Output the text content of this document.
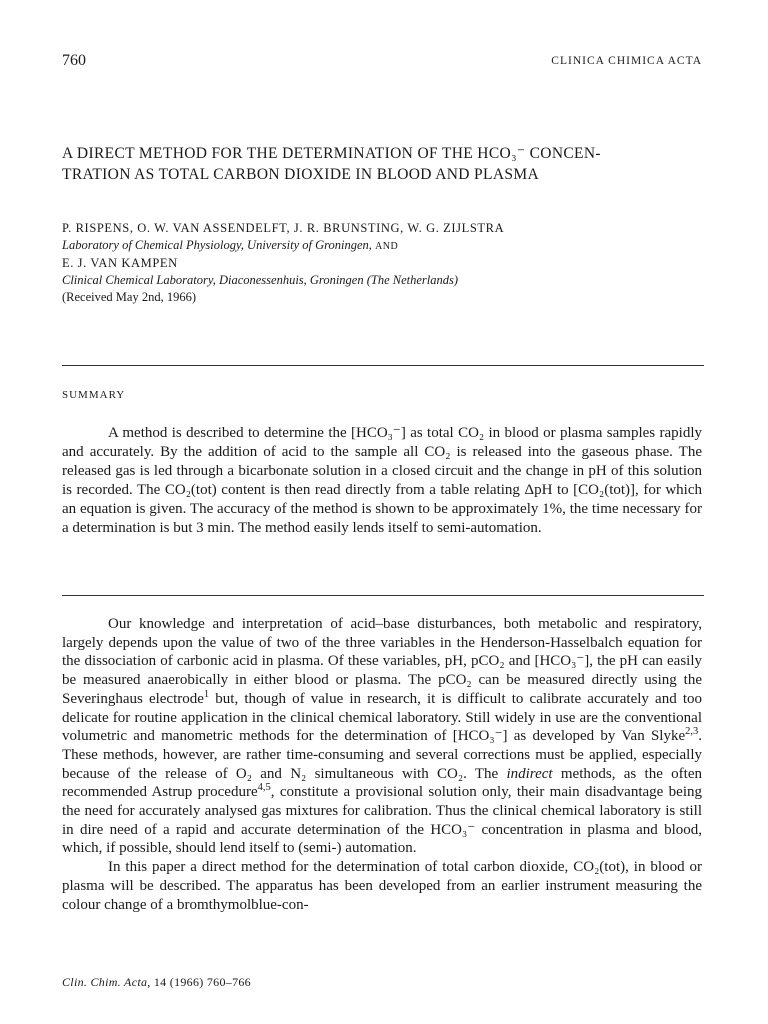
760	CLINICA CHIMICA ACTA
A DIRECT METHOD FOR THE DETERMINATION OF THE HCO₃⁻ CONCEN-
TRATION AS TOTAL CARBON DIOXIDE IN BLOOD AND PLASMA
P. RISPENS, O. W. VAN ASSENDELFT, J. R. BRUNSTING, W. G. ZIJLSTRA
Laboratory of Chemical Physiology, University of Groningen, AND
E. J. VAN KAMPEN
Clinical Chemical Laboratory, Diaconessenhuis, Groningen (The Netherlands)
(Received May 2nd, 1966)
SUMMARY

A method is described to determine the [HCO₃⁻] as total CO₂ in blood or plasma samples rapidly and accurately. By the addition of acid to the sample all CO₂ is released into the gaseous phase. The released gas is led through a bicarbonate solution in a closed circuit and the change in pH of this solution is recorded. The CO₂(tot) content is then read directly from a table relating ΔpH to [CO₂(tot)], for which an equation is given. The accuracy of the method is shown to be approximately 1%, the time necessary for a determination is but 3 min. The method easily lends itself to semi-automation.

Our knowledge and interpretation of acid–base disturbances, both metabolic and respiratory, largely depends upon the value of two of the three variables in the Henderson-Hasselbalch equation for the dissociation of carbonic acid in plasma. Of these variables, pH, pCO₂ and [HCO₃⁻], the pH can easily be measured anaerobically in either blood or plasma. The pCO₂ can be measured directly using the Severinghaus electrode$^1$ but, though of value in research, it is difficult to calibrate accurately and too delicate for routine application in the clinical chemical laboratory. Still widely in use are the conventional volumetric and manometric methods for the determination of [HCO₃⁻] as developed by Van Slyke$^{2,3}$. These methods, however, are rather time-consuming and several corrections must be applied, especially because of the release of O₂ and N₂ simultaneous with CO₂. The indirect methods, as the often recommended Astrup procedure$^{4,5}$, constitute a provisional solution only, their main disadvantage being the need for accurately analysed gas mixtures for calibration. Thus the clinical chemical laboratory is still in dire need of a rapid and accurate determination of the HCO₃⁻ concentration in plasma and blood, which, if possible, should lend itself to (semi-) automation.

In this paper a direct method for the determination of total carbon dioxide, CO₂(tot), in blood or plasma will be described. The apparatus has been developed from an earlier instrument measuring the colour change of a bromthymolblue-con-

Clin. Chim. Acta, 14 (1966) 760–766
